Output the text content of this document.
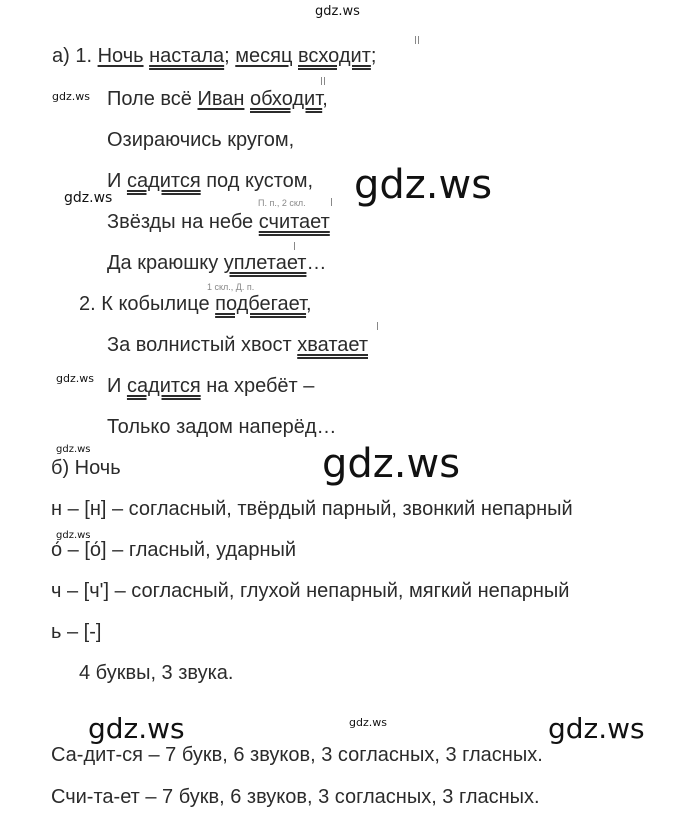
gdz.ws
а) 1. Ночь настала; месяц всходит;
gdz.ws Поле всё Иван обходит,
Озираючись кругом,
И садится под кустом, gdz.ws
gdz.ws	П. п., 2 скл.
Звёзды на небе считает
Да краюшку уплетает…
1 скл., Д. п.
2. К кобылице подбегает,
За волнистый хвост хватает
gdz.ws И садится на хребёт –
Только задом наперёд…
gdz.ws
gdz.ws
б) Ночь
н – [н] – согласный, твёрдый парный, звонкий непарный
gdz.ws
о́ – [о́] – гласный, ударный
ч – [ч'] – согласный, глухой непарный, мягкий непарный
ь – [-]
4 буквы, 3 звука.
gdz.ws	gdz.ws	gdz.ws
Са-дит-ся – 7 букв, 6 звуков, 3 согласных, 3 гласных.
Счи-та-ет – 7 букв, 6 звуков, 3 согласных, 3 гласных.
